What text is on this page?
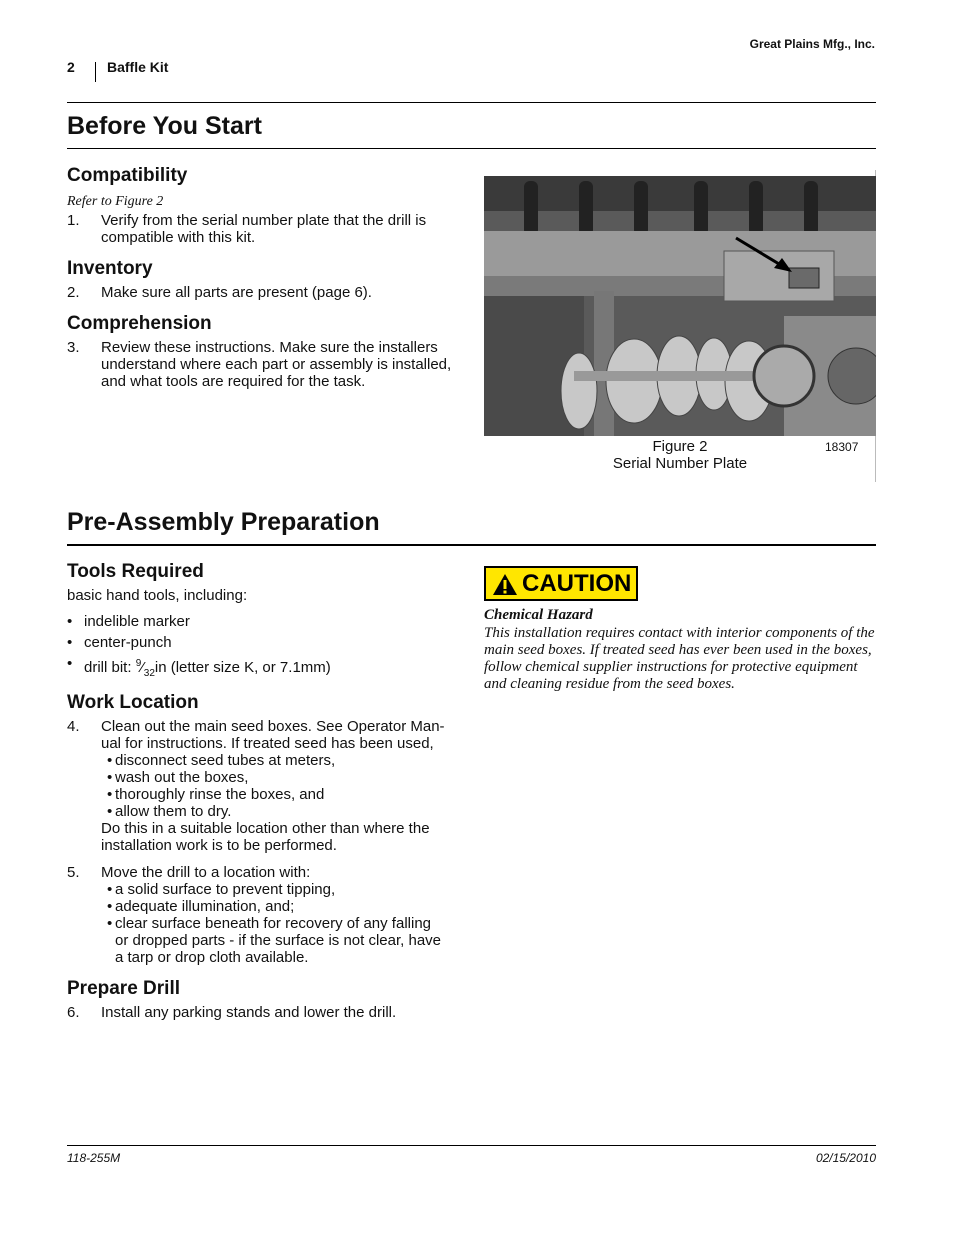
Great Plains Mfg., Inc.
2 Baffle Kit
Before You Start
Compatibility
Refer to Figure 2
1. Verify from the serial number plate that the drill is compatible with this kit.
Inventory
2. Make sure all parts are present (page 6).
Comprehension
3. Review these instructions. Make sure the installers understand where each part or assembly is installed, and what tools are required for the task.
Figure 2
Serial Number Plate
18307
Pre-Assembly Preparation
Tools Required
basic hand tools, including:
• indelible marker
• center-punch
• drill bit: $^9⁄_{32}in$ (letter size K, or 7.1mm)
Work Location
4. Clean out the main seed boxes. See Operator Man-ual for instructions. If treated seed has been used,
• disconnect seed tubes at meters,
• wash out the boxes,
• thoroughly rinse the boxes, and
• allow them to dry.
Do this in a suitable location other than where the installation work is to be performed.
5. Move the drill to a location with:
• a solid surface to prevent tipping,
• adequate illumination, and;
• clear surface beneath for recovery of any falling or dropped parts - if the surface is not clear, have a tarp or drop cloth available.
Prepare Drill
6. Install any parking stands and lower the drill.
CAUTION
Chemical Hazard
This installation requires contact with interior components of the main seed boxes. If treated seed has ever been used in the boxes, follow chemical supplier instructions for protective equipment and cleaning residue from the seed boxes.
118-255M	02/15/2010
